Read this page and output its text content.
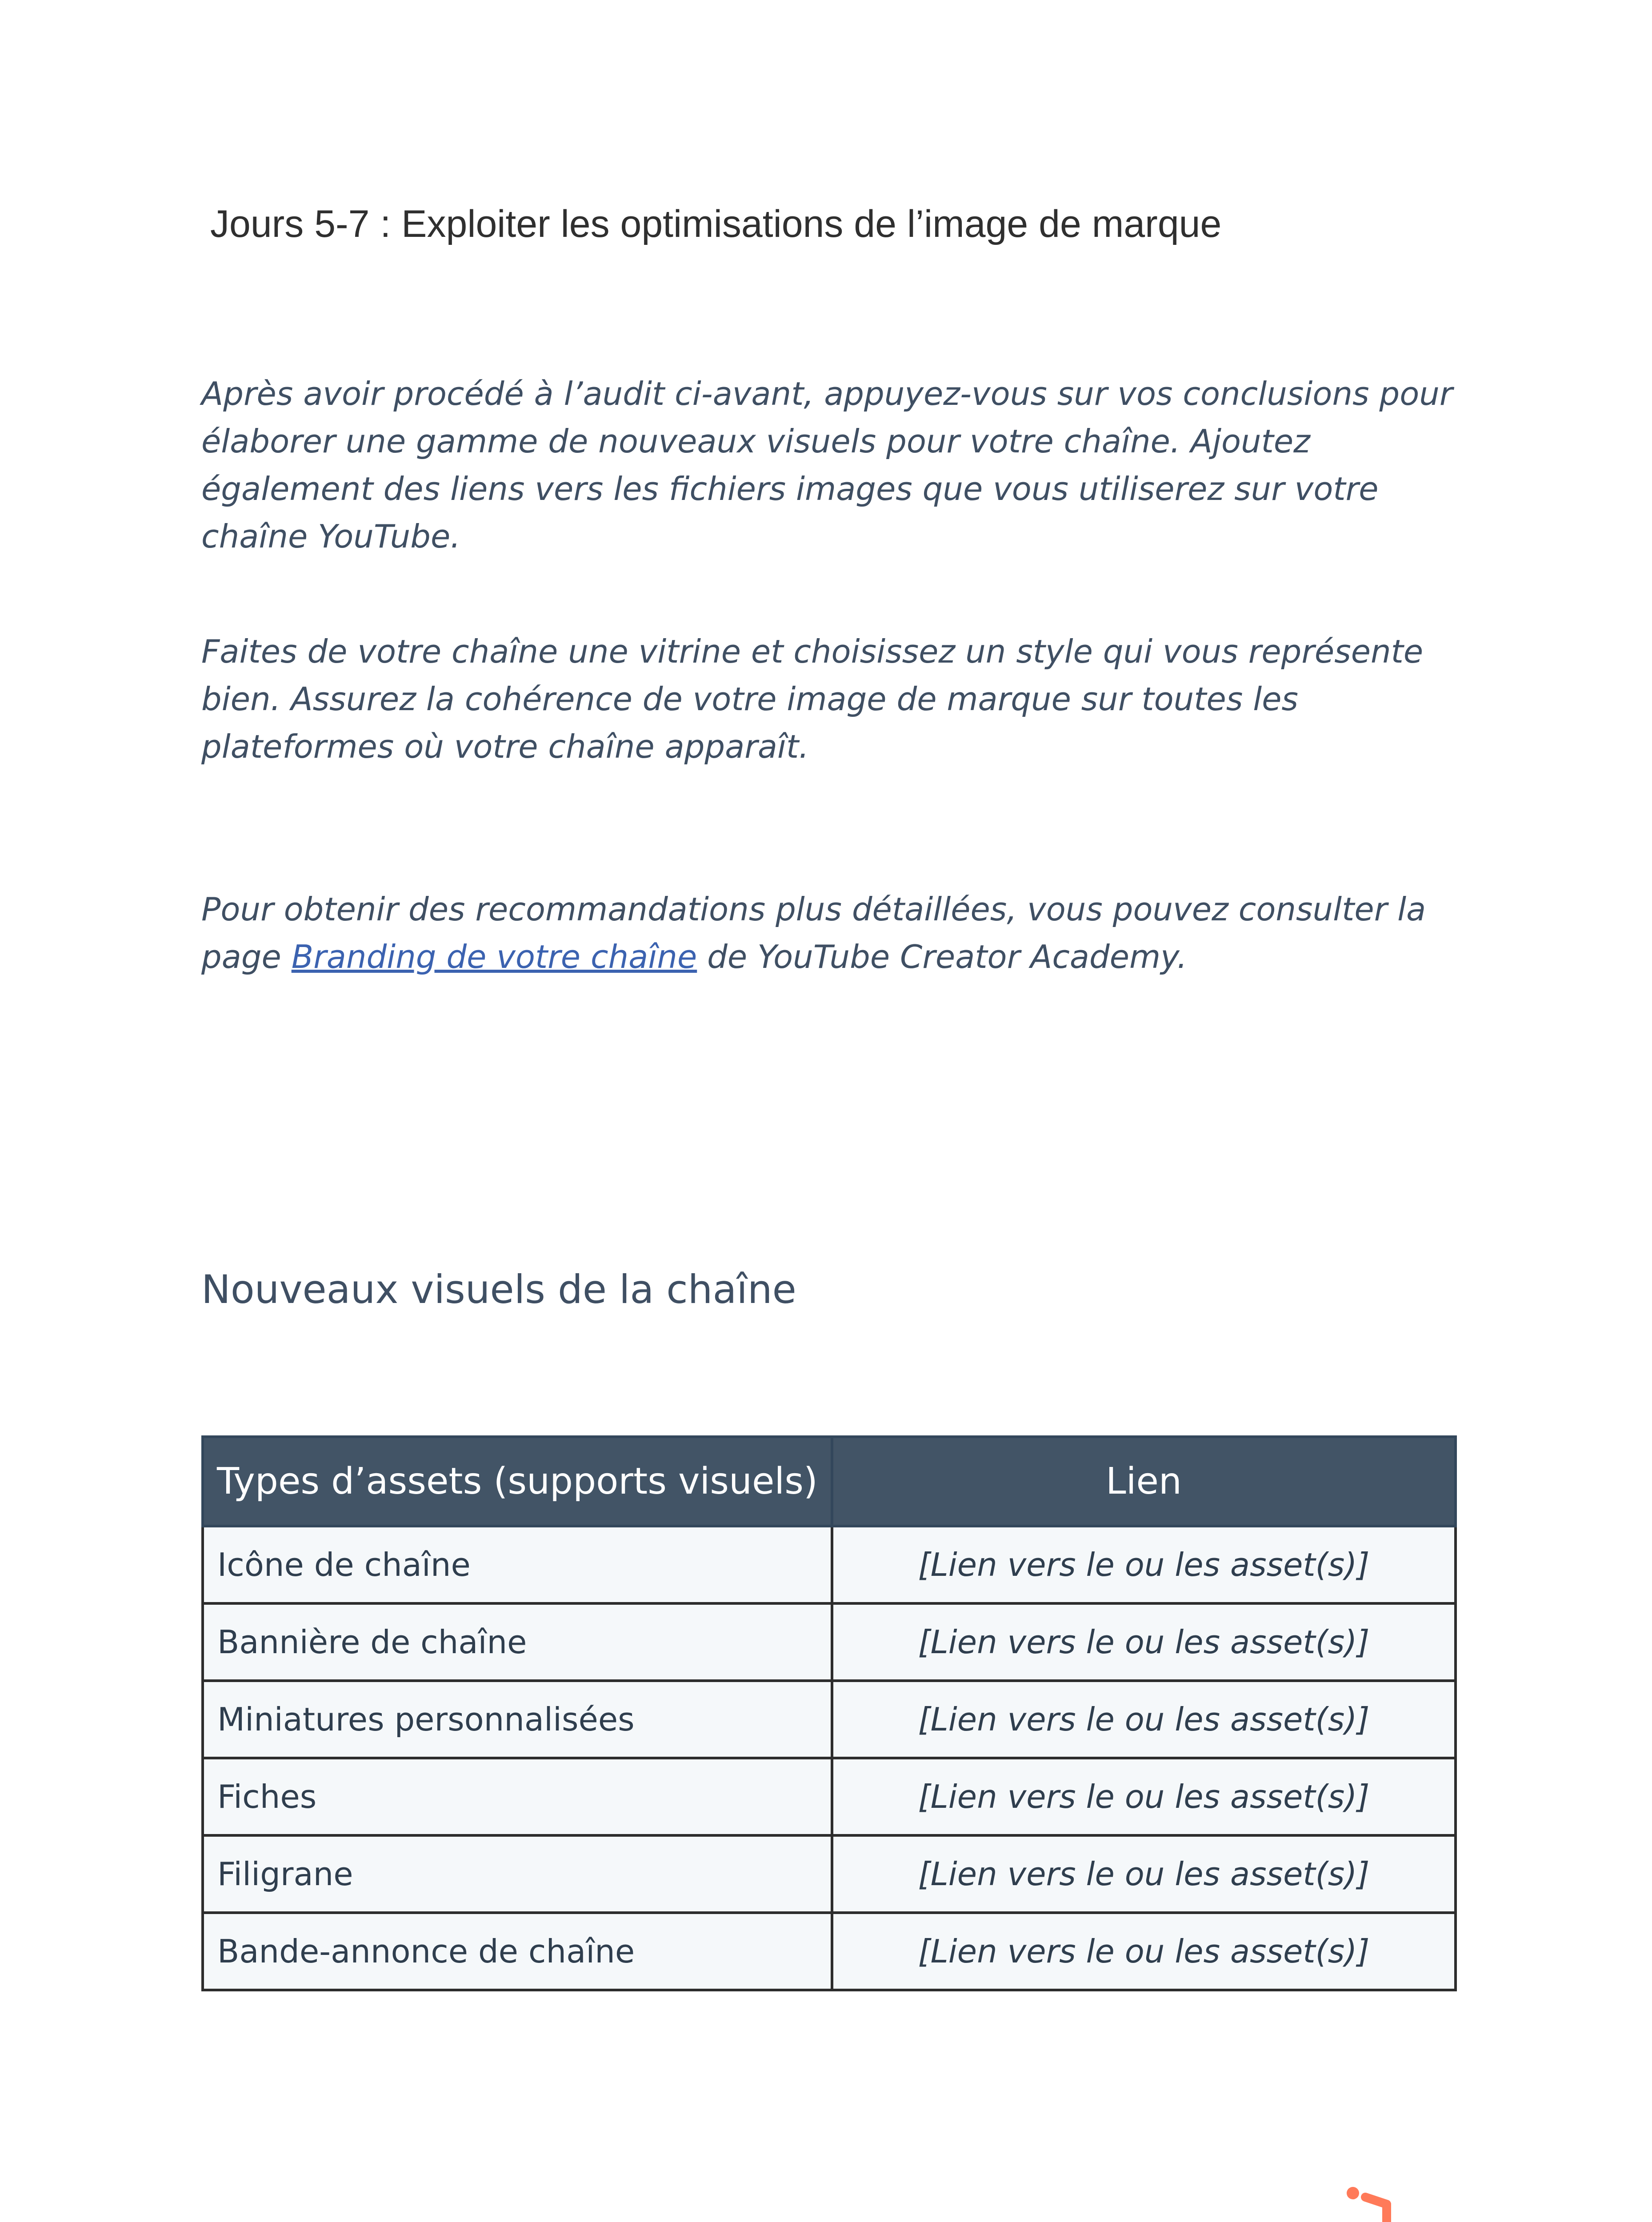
Jours 5-7 : Exploiter les optimisations de l’image de marque

Après avoir procédé à l’audit ci-avant, appuyez-vous sur vos conclusions pour élaborer une gamme de nouveaux visuels pour votre chaîne. Ajoutez également des liens vers les fichiers images que vous utiliserez sur votre chaîne YouTube.

Faites de votre chaîne une vitrine et choisissez un style qui vous représente bien. Assurez la cohérence de votre image de marque sur toutes les plateformes où votre chaîne apparaît.

Pour obtenir des recommandations plus détaillées, vous pouvez consulter la page Branding de votre chaîne de YouTube Creator Academy.

Nouveaux visuels de la chaîne
Types d’assets (supports visuels)	Lien
Icône de chaîne	[Lien vers le ou les asset(s)]
Bannière de chaîne	[Lien vers le ou les asset(s)]
Miniatures personnalisées	[Lien vers le ou les asset(s)]
Fiches	[Lien vers le ou les asset(s)]
Filigrane	[Lien vers le ou les asset(s)]
Bande-annonce de chaîne	[Lien vers le ou les asset(s)]
